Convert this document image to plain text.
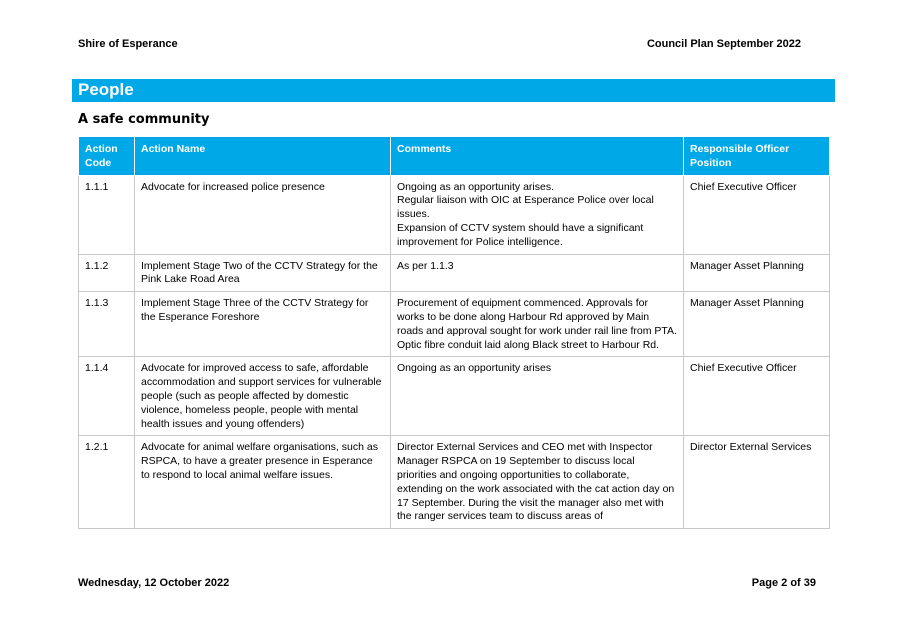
Shire of Esperance	Council Plan September 2022
People
A safe community
Action Code	Action Name	Comments	Responsible Officer Position
1.1.1	Advocate for increased police presence	Ongoing as an opportunity arises.
Regular liaison with OIC at Esperance Police over local issues.
Expansion of CCTV system should have a significant improvement for Police intelligence.	Chief Executive Officer
1.1.2	Implement Stage Two of the CCTV Strategy for the Pink Lake Road Area	As per 1.1.3	Manager Asset Planning
1.1.3	Implement Stage Three of the CCTV Strategy for the Esperance Foreshore	Procurement of equipment commenced. Approvals for works to be done along Harbour Rd approved by Main roads and approval sought for work under rail line from PTA. Optic fibre conduit laid along Black street to Harbour Rd.	Manager Asset Planning
1.1.4	Advocate for improved access to safe, affordable accommodation and support services for vulnerable people (such as people affected by domestic violence, homeless people, people with mental health issues and young offenders)	Ongoing as an opportunity arises	Chief Executive Officer
1.2.1	Advocate for animal welfare organisations, such as
RSPCA, to have a greater presence in Esperance to respond to local animal welfare issues.	Director External Services and CEO met with Inspector Manager RSPCA on 19 September to discuss local priorities and ongoing opportunities to collaborate, extending on the work associated with the cat action day on 17 September. During the visit the manager also met with the ranger services team to discuss areas of	Director External Services
Wednesday, 12 October 2022	Page 2 of 39
